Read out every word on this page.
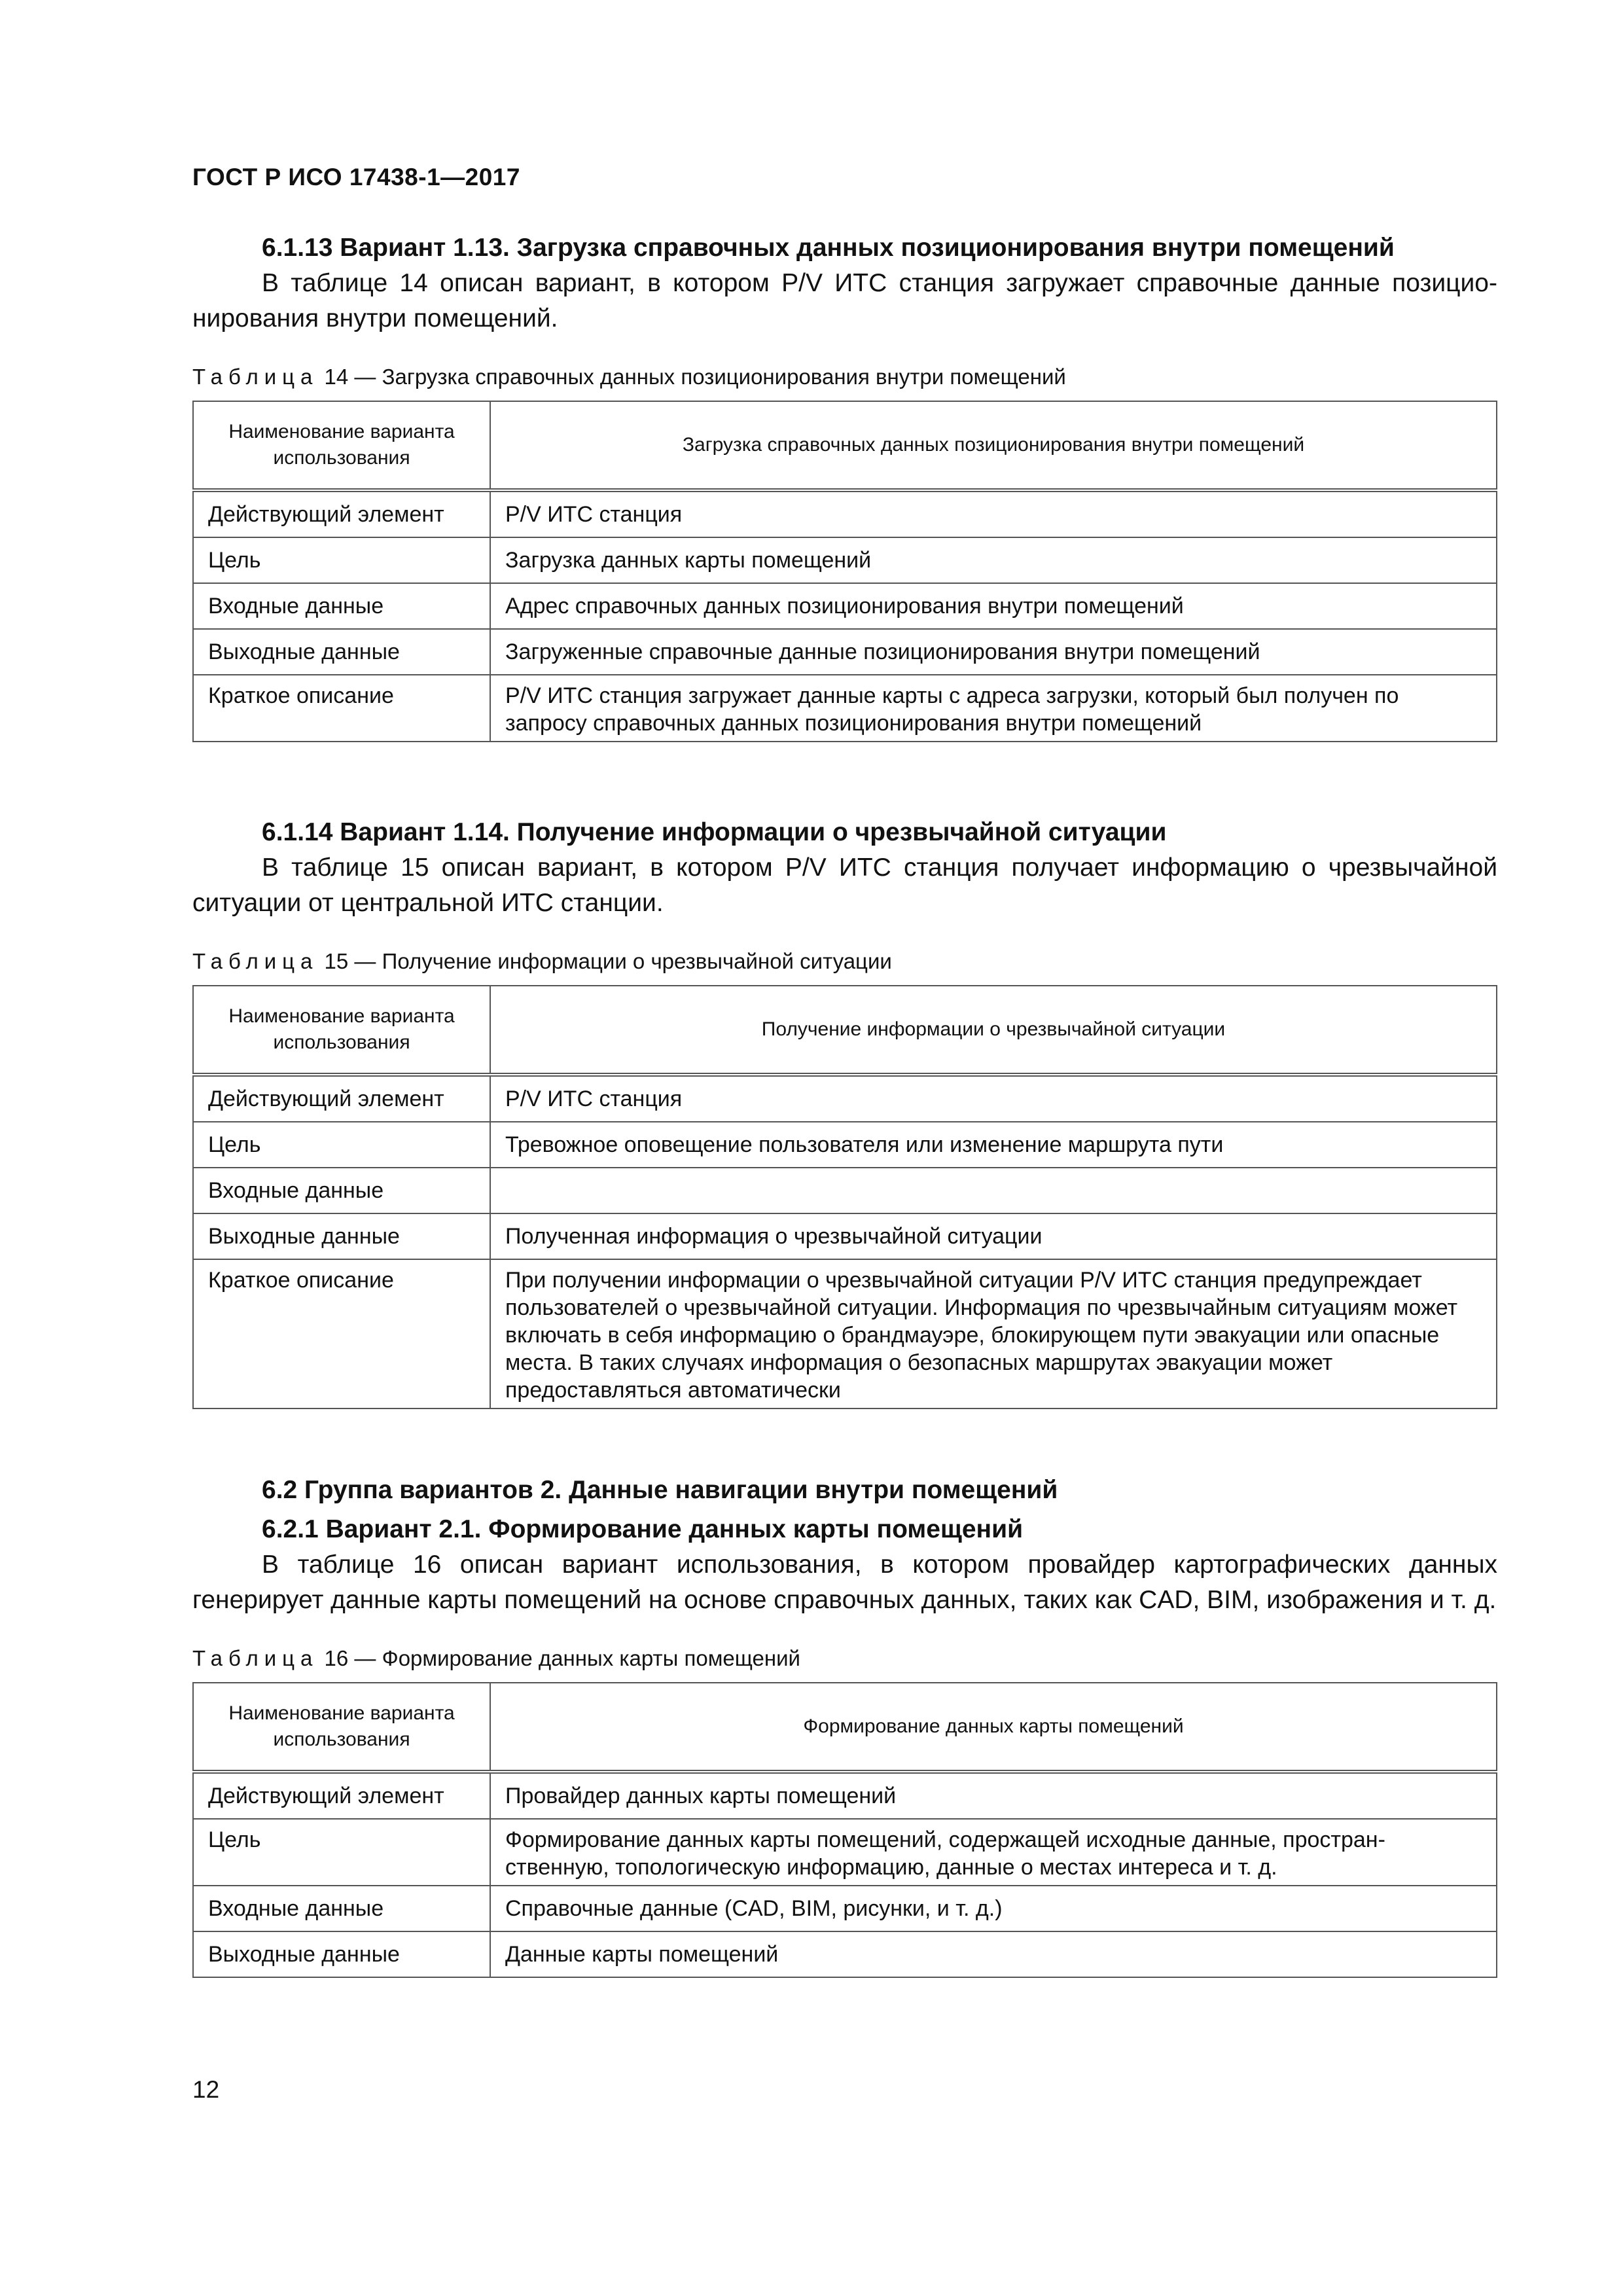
ГОСТ Р ИСО 17438-1—2017

6.1.13 Вариант 1.13. Загрузка справочных данных позиционирования внутри помещений

В таблице 14 описан вариант, в котором P/V ИТС станция загружает справочные данные позиционирования внутри помещений.

Таблица 14 — Загрузка справочных данных позиционирования внутри помещений

Наименование варианта использования	Загрузка справочных данных позиционирования внутри помещений
Действующий элемент	P/V ИТС станция
Цель	Загрузка данных карты помещений
Входные данные	Адрес справочных данных позиционирования внутри помещений
Выходные данные	Загруженные справочные данные позиционирования внутри помещений
Краткое описание	P/V ИТС станция загружает данные карты с адреса загрузки, который был получен по запросу справочных данных позиционирования внутри помещений

6.1.14 Вариант 1.14. Получение информации о чрезвычайной ситуации

В таблице 15 описан вариант, в котором P/V ИТС станция получает информацию о чрезвычайной ситуации от центральной ИТС станции.

Таблица 15 — Получение информации о чрезвычайной ситуации

Наименование варианта использования	Получение информации о чрезвычайной ситуации
Действующий элемент	P/V ИТС станция
Цель	Тревожное оповещение пользователя или изменение маршрута пути
Входные данные	
Выходные данные	Полученная информация о чрезвычайной ситуации
Краткое описание	При получении информации о чрезвычайной ситуации P/V ИТС станция предупреждает пользователей о чрезвычайной ситуации. Информация по чрезвычайным ситуациям может включать в себя информацию о брандмауэре, блокирующем пути эвакуации или опасные места. В таких случаях информация о безопасных маршрутах эвакуации может предоставляться автоматически

6.2 Группа вариантов 2. Данные навигации внутри помещений

6.2.1 Вариант 2.1. Формирование данных карты помещений

В таблице 16 описан вариант использования, в котором провайдер картографических данных генерирует данные карты помещений на основе справочных данных, таких как CAD, BIM, изображения и т. д.

Таблица 16 — Формирование данных карты помещений

Наименование варианта использования	Формирование данных карты помещений
Действующий элемент	Провайдер данных карты помещений
Цель	Формирование данных карты помещений, содержащей исходные данные, пространственную, топологическую информацию, данные о местах интереса и т. д.
Входные данные	Справочные данные (CAD, BIM, рисунки, и т. д.)
Выходные данные	Данные карты помещений
12
